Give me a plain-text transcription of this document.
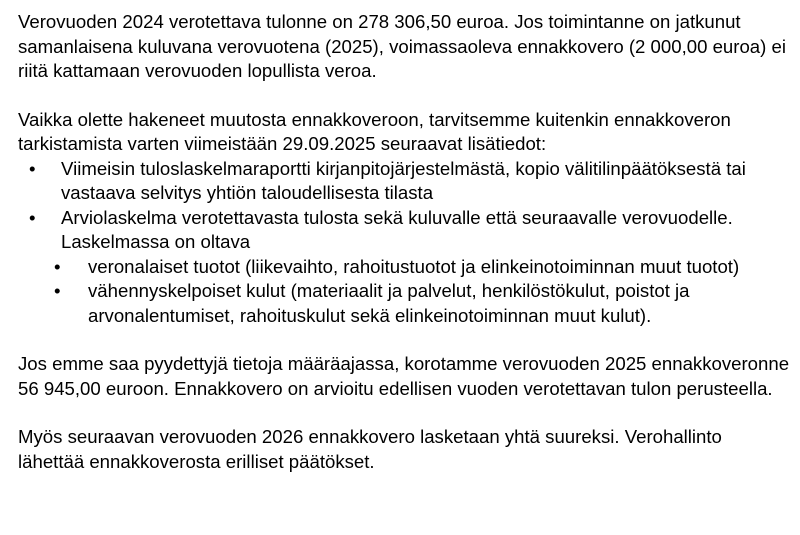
Verovuoden 2024 verotettava tulonne on 278 306,50 euroa. Jos toimintanne on jatkunut samanlaisena kuluvana verovuotena (2025), voimassaoleva ennakkovero (2 000,00 euroa) ei riitä kattamaan verovuoden lopullista veroa.

Vaikka olette hakeneet muutosta ennakkoveroon, tarvitsemme kuitenkin ennakkoveron tarkistamista varten viimeistään 29.09.2025 seuraavat lisätiedot:

• Viimeisin tuloslaskelmaraportti kirjanpitojärjestelmästä, kopio välitilinpäätöksestä tai vastaava selvitys yhtiön taloudellisesta tilasta
• Arviolaskelma verotettavasta tulosta sekä kuluvalle että seuraavalle verovuodelle. Laskelmassa on oltava
• veronalaiset tuotot (liikevaihto, rahoitustuotot ja elinkeinotoiminnan muut tuotot)
• vähennyskelpoiset kulut (materiaalit ja palvelut, henkilöstökulut, poistot ja arvonalentumiset, rahoituskulut sekä elinkeinotoiminnan muut kulut).

Jos emme saa pyydettyjä tietoja määräajassa, korotamme verovuoden 2025 ennakkoveronne 56 945,00 euroon. Ennakkovero on arvioitu edellisen vuoden verotettavan tulon perusteella.

Myös seuraavan verovuoden 2026 ennakkovero lasketaan yhtä suureksi. Verohallinto lähettää ennakkoverosta erilliset päätökset.
